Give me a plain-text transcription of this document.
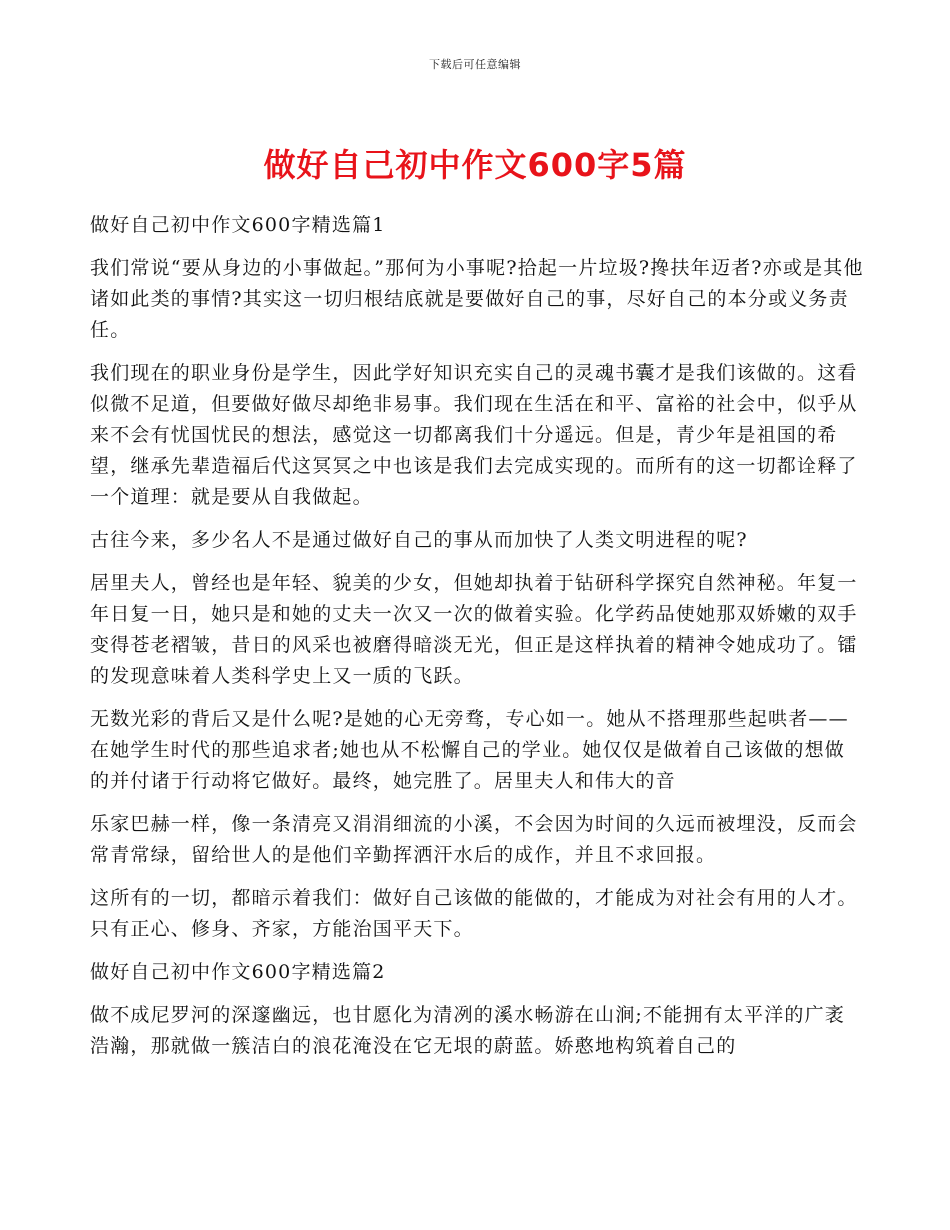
下载后可任意编辑
做好自己初中作文600字5篇

做好自己初中作文600字精选篇1

我们常说“要从身边的小事做起。”那何为小事呢?拾起一片垃圾?搀扶年迈者?亦或是其他诸如此类的事情?其实这一切归根结底就是要做好自己的事，尽好自己的本分或义务责任。

我们现在的职业身份是学生，因此学好知识充实自己的灵魂书囊才是我们该做的。这看似微不足道，但要做好做尽却绝非易事。我们现在生活在和平、富裕的社会中，似乎从来不会有忧国忧民的想法，感觉这一切都离我们十分遥远。但是，青少年是祖国的希望，继承先辈造福后代这冥冥之中也该是我们去完成实现的。而所有的这一切都诠释了一个道理：就是要从自我做起。

古往今来，多少名人不是通过做好自己的事从而加快了人类文明进程的呢?

居里夫人，曾经也是年轻、貌美的少女，但她却执着于钻研科学探究自然神秘。年复一年日复一日，她只是和她的丈夫一次又一次的做着实验。化学药品使她那双娇嫩的双手变得苍老褶皱，昔日的风采也被磨得暗淡无光，但正是这样执着的精神令她成功了。镭的发现意味着人类科学史上又一质的飞跃。

无数光彩的背后又是什么呢?是她的心无旁骛，专心如一。她从不搭理那些起哄者——在她学生时代的那些追求者;她也从不松懈自己的学业。她仅仅是做着自己该做的想做的并付诸于行动将它做好。最终，她完胜了。居里夫人和伟大的音

乐家巴赫一样，像一条清亮又涓涓细流的小溪，不会因为时间的久远而被埋没，反而会常青常绿，留给世人的是他们辛勤挥洒汗水后的成作，并且不求回报。

这所有的一切，都暗示着我们：做好自己该做的能做的，才能成为对社会有用的人才。只有正心、修身、齐家，方能治国平天下。

做好自己初中作文600字精选篇2

做不成尼罗河的深邃幽远，也甘愿化为清冽的溪水畅游在山涧;不能拥有太平洋的广袤浩瀚，那就做一簇洁白的浪花淹没在它无垠的蔚蓝。娇憨地构筑着自己的
